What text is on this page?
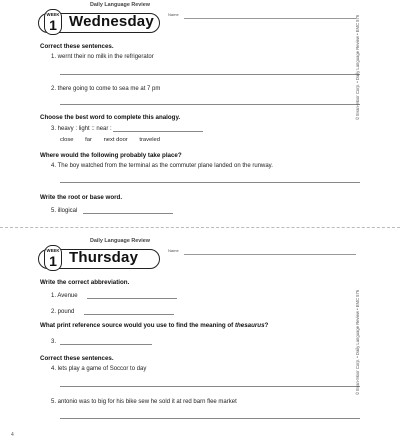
Daily Language Review
WEEK
1 Wednesday	Name
Correct these sentences.
1. wernt their no milk in the refrigerator
2. there going to come to sea me at 7 pm
Choose the best word to complete this analogy.
3. heavy : light :: near :
close far next door traveled
Where would the following probably take place?
4. The boy watched from the terminal as the commuter plane landed on the runway.
Write the root or base word.
5. illogical
© Evan-Moor Corp. • Daily Language Review • EMC 576
Daily Language Review
WEEK
1 Thursday	Name
Write the correct abbreviation.
1. Avenue
2. pound
What print reference source would you use to find the meaning of thesaurus?
3.
Correct these sentences.
4. lets play a game of Soccor to day
5. antonio was to big for his bike sew he sold it at red barn flee market
© Evan-Moor Corp. • Daily Language Review • EMC 576
4
